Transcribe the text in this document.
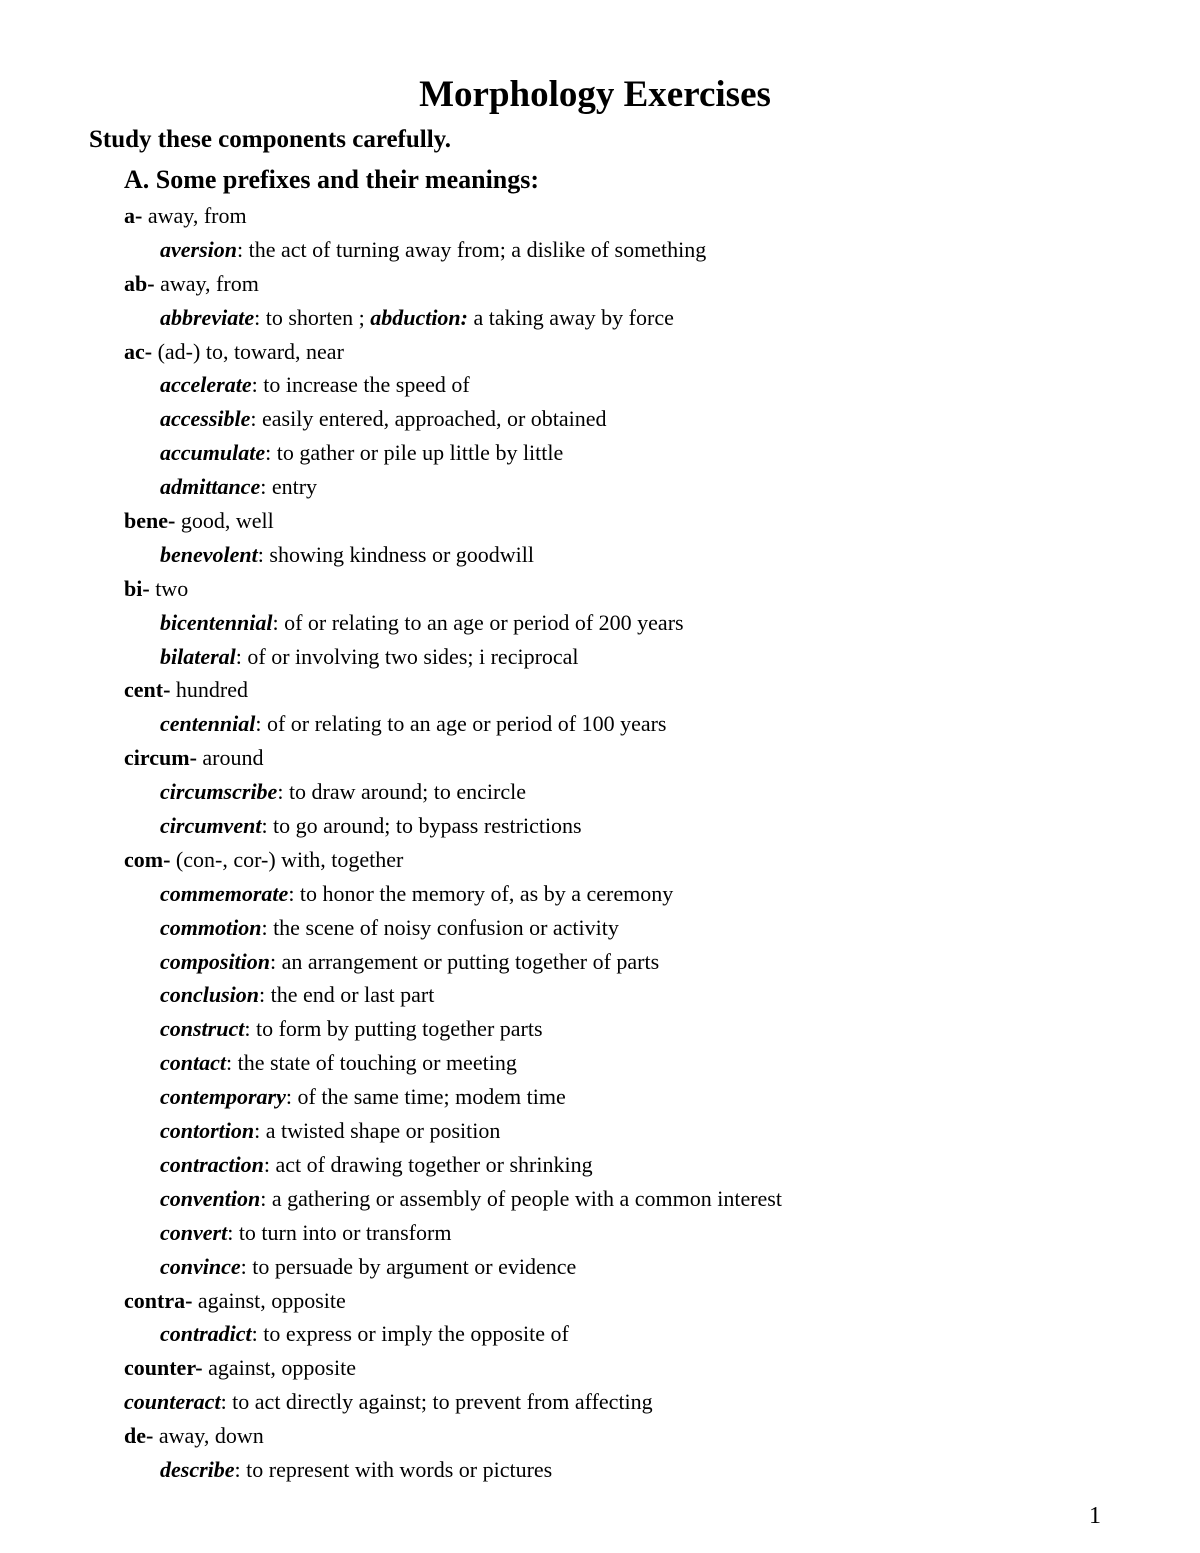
Morphology Exercises
Study these components carefully.
A. Some prefixes and their meanings:
a- away, from
aversion: the act of turning away from; a dislike of something
ab- away, from
abbreviate: to shorten ; abduction: a taking away by force
ac- (ad-) to, toward, near
accelerate: to increase the speed of
accessible: easily entered, approached, or obtained
accumulate: to gather or pile up little by little
admittance: entry
bene- good, well
benevolent: showing kindness or goodwill
bi- two
bicentennial: of or relating to an age or period of 200 years
bilateral: of or involving two sides; i reciprocal
cent- hundred
centennial: of or relating to an age or period of 100 years
circum- around
circumscribe: to draw around; to encircle
circumvent: to go around; to bypass restrictions
com- (con-, cor-) with, together
commemorate: to honor the memory of, as by a ceremony
commotion: the scene of noisy confusion or activity
composition: an arrangement or putting together of parts
conclusion: the end or last part
construct: to form by putting together parts
contact: the state of touching or meeting
contemporary: of the same time; modem time
contortion: a twisted shape or position
contraction: act of drawing together or shrinking
convention: a gathering or assembly of people with a common interest
convert: to turn into or transform
convince: to persuade by argument or evidence
contra- against, opposite
contradict: to express or imply the opposite of
counter- against, opposite
counteract: to act directly against; to prevent from affecting
de- away, down
describe: to represent with words or pictures
1
